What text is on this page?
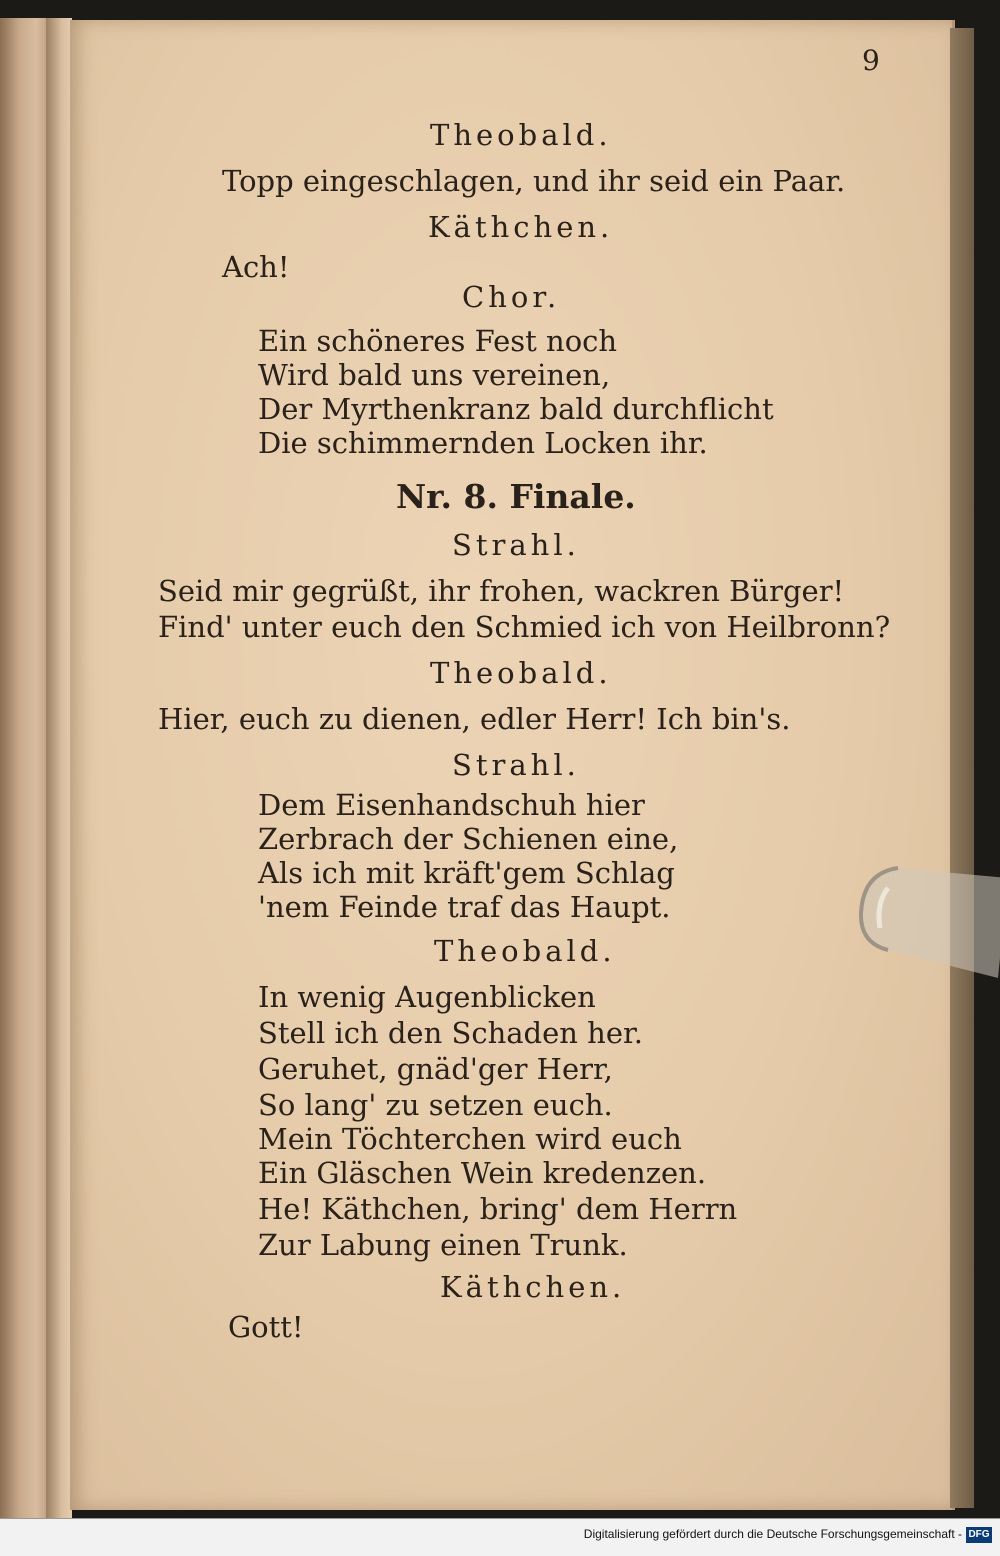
9
Theobald.
Topp eingeschlagen, und ihr seid ein Paar.
Käthchen.
Ach!
Chor.
Ein schöneres Fest noch
Wird bald uns vereinen,
Der Myrthenkranz bald durchflicht
Die schimmernden Locken ihr.
Nr. 8. Finale.
Strahl.
Seid mir gegrüßt, ihr frohen, wackren Bürger!
Find' unter euch den Schmied ich von Heilbronn?
Theobald.
Hier, euch zu dienen, edler Herr! Ich bin's.
Strahl.
Dem Eisenhandschuh hier
Zerbrach der Schienen eine,
Als ich mit kräft'gem Schlag
'nem Feinde traf das Haupt.
Theobald.
In wenig Augenblicken
Stell ich den Schaden her.
Geruhet, gnäd'ger Herr,
So lang' zu setzen euch.
Mein Töchterchen wird euch
Ein Gläschen Wein kredenzen.
He! Käthchen, bring' dem Herrn
Zur Labung einen Trunk.
Käthchen.
Gott!
Digitalisierung gefördert durch die Deutsche Forschungsgemeinschaft - DFG
